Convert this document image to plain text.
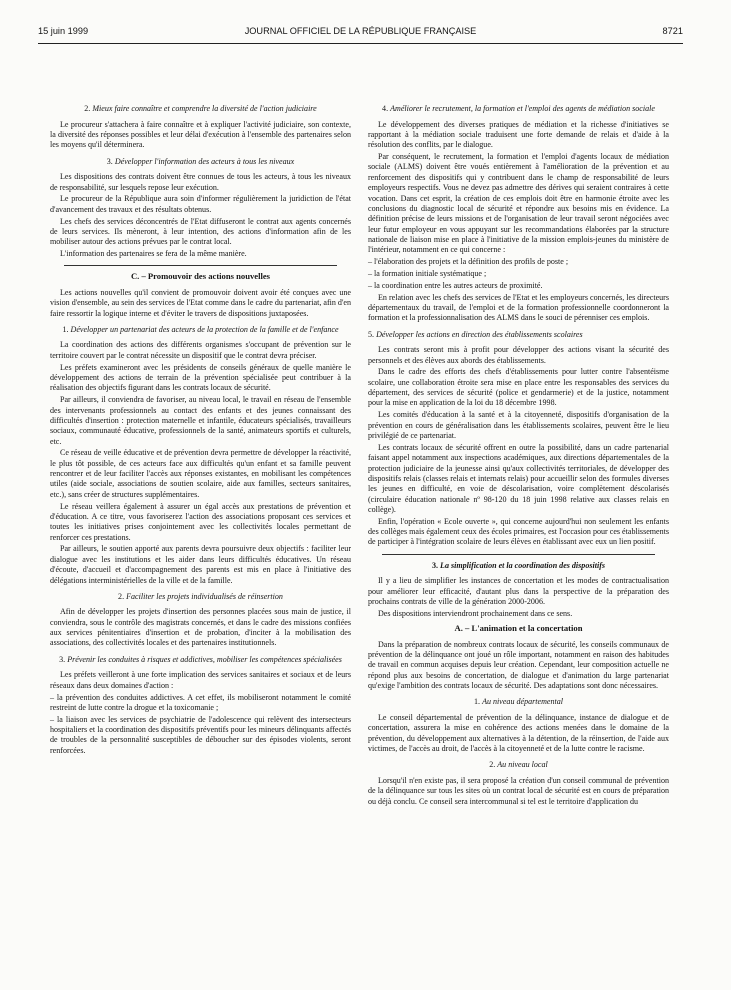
15 juin 1999	JOURNAL OFFICIEL DE LA RÉPUBLIQUE FRANÇAISE	8721
2. Mieux faire connaître et comprendre la diversité de l'action judiciaire

Le procureur s'attachera à faire connaître et à expliquer l'activité judiciaire, son contexte, la diversité des réponses possibles et leur délai d'exécution à l'ensemble des partenaires selon les moyens qu'il déterminera.

3. Développer l'information des acteurs à tous les niveaux

Les dispositions des contrats doivent être connues de tous les acteurs, à tous les niveaux de responsabilité, sur lesquels repose leur exécution.

Le procureur de la République aura soin d'informer régulièrement la juridiction de l'état d'avancement des travaux et des résultats obtenus.

Les chefs des services déconcentrés de l'Etat diffuseront le contrat aux agents concernés de leurs services. Ils mèneront, à leur intention, des actions d'information afin de les mobiliser autour des actions prévues par le contrat local.

L'information des partenaires se fera de la même manière.

C. – Promouvoir des actions nouvelles

Les actions nouvelles qu'il convient de promouvoir doivent avoir été conçues avec une vision d'ensemble, au sein des services de l'Etat comme dans le cadre du partenariat, afin d'en faire ressortir la logique interne et d'éviter le travers de dispositions juxtaposées.

1. Développer un partenariat des acteurs de la protection de la famille et de l'enfance

La coordination des actions des différents organismes s'occupant de prévention sur le territoire couvert par le contrat nécessite un dispositif que le contrat devra préciser.

Les préfets examineront avec les présidents de conseils généraux de quelle manière le développement des actions de terrain de la prévention spécialisée peut contribuer à la réalisation des objectifs figurant dans les contrats locaux de sécurité.

Par ailleurs, il conviendra de favoriser, au niveau local, le travail en réseau de l'ensemble des intervenants professionnels au contact des enfants et des jeunes connaissant des difficultés d'insertion : protection maternelle et infantile, éducateurs spécialisés, travailleurs sociaux, communauté éducative, professionnels de la santé, animateurs sportifs et culturels, etc.

Ce réseau de veille éducative et de prévention devra permettre de développer la réactivité, le plus tôt possible, de ces acteurs face aux difficultés qu'un enfant et sa famille peuvent rencontrer et de leur faciliter l'accès aux réponses existantes, en mobilisant les compétences utiles (aide sociale, associations de soutien scolaire, aide aux familles, secteurs sanitaires, etc.), sans créer de structures supplémentaires.

Le réseau veillera également à assurer un égal accès aux prestations de prévention et d'éducation. A ce titre, vous favoriserez l'action des associations proposant ces services et toutes les initiatives prises conjointement avec les collectivités locales permettant de renforcer ces prestations.

Par ailleurs, le soutien apporté aux parents devra poursuivre deux objectifs : faciliter leur dialogue avec les institutions et les aider dans leurs difficultés éducatives. Un réseau d'écoute, d'accueil et d'accompagnement des parents est mis en place à l'initiative des délégations interministérielles de la ville et de la famille.

2. Faciliter les projets individualisés de réinsertion

Afin de développer les projets d'insertion des personnes placées sous main de justice, il conviendra, sous le contrôle des magistrats concernés, et dans le cadre des missions confiées aux services pénitentiaires d'insertion et de probation, d'inciter à la mobilisation des associations, des collectivités locales et des partenaires institutionnels.

3. Prévenir les conduites à risques et addictives, mobiliser les compétences spécialisées

Les préfets veilleront à une forte implication des services sanitaires et sociaux et de leurs réseaux dans deux domaines d'action :

– la prévention des conduites addictives. A cet effet, ils mobiliseront notamment le comité restreint de lutte contre la drogue et la toxicomanie ;

– la liaison avec les services de psychiatrie de l'adolescence qui relèvent des intersecteurs hospitaliers et la coordination des dispositifs préventifs pour les mineurs délinquants affectés de troubles de la personnalité susceptibles de déboucher sur des épisodes violents, seront renforcées.

4. Améliorer le recrutement, la formation et l'emploi des agents de médiation sociale

Le développement des diverses pratiques de médiation et la richesse d'initiatives se rapportant à la médiation sociale traduisent une forte demande de relais et d'aide à la résolution des conflits, par le dialogue.

Par conséquent, le recrutement, la formation et l'emploi d'agents locaux de médiation sociale (ALMS) doivent être voués entièrement à l'amélioration de la prévention et au renforcement des dispositifs qui y contribuent dans le champ de responsabilité de leurs employeurs respectifs. Vous ne devez pas admettre des dérives qui seraient contraires à cette vocation. Dans cet esprit, la création de ces emplois doit être en harmonie étroite avec les conclusions du diagnostic local de sécurité et répondre aux besoins mis en évidence. La définition précise de leurs missions et de l'organisation de leur travail seront négociées avec leur futur employeur en vous appuyant sur les recommandations élaborées par la structure nationale de liaison mise en place à l'initiative de la mission emplois-jeunes du ministère de l'intérieur, notamment en ce qui concerne :

– l'élaboration des projets et la définition des profils de poste ;

– la formation initiale systématique ;

– la coordination entre les autres acteurs de proximité.

En relation avec les chefs des services de l'Etat et les employeurs concernés, les directeurs départementaux du travail, de l'emploi et de la formation professionnelle coordonneront la formation et la professionnalisation des ALMS dans le souci de pérenniser ces emplois.

5. Développer les actions en direction des établissements scolaires

Les contrats seront mis à profit pour développer des actions visant la sécurité des personnels et des élèves aux abords des établissements.

Dans le cadre des efforts des chefs d'établissements pour lutter contre l'absentéisme scolaire, une collaboration étroite sera mise en place entre les responsables des services du département, des services de sécurité (police et gendarmerie) et de la justice, notamment pour la mise en application de la loi du 18 décembre 1998.

Les comités d'éducation à la santé et à la citoyenneté, dispositifs d'organisation de la prévention en cours de généralisation dans les établissements scolaires, peuvent être le lieu privilégié de ce partenariat.

Les contrats locaux de sécurité offrent en outre la possibilité, dans un cadre partenarial faisant appel notamment aux inspections académiques, aux directions départementales de la protection judiciaire de la jeunesse ainsi qu'aux collectivités territoriales, de développer des dispositifs relais (classes relais et internats relais) pour accueillir selon des formules diverses les jeunes en difficulté, en voie de déscolarisation, voire complètement déscolarisés (circulaire éducation nationale nº 98-120 du 18 juin 1998 relative aux classes relais en collège).

Enfin, l'opération « Ecole ouverte », qui concerne aujourd'hui non seulement les enfants des collèges mais également ceux des écoles primaires, est l'occasion pour ces établissements de participer à l'intégration scolaire de leurs élèves en établissant avec eux un lien positif.

3. La simplification et la coordination des dispositifs

Il y a lieu de simplifier les instances de concertation et les modes de contractualisation pour améliorer leur efficacité, d'autant plus dans la perspective de la préparation des prochains contrats de ville de la génération 2000-2006.

Des dispositions interviendront prochainement dans ce sens.

A. – L'animation et la concertation

Dans la préparation de nombreux contrats locaux de sécurité, les conseils communaux de prévention de la délinquance ont joué un rôle important, notamment en raison des habitudes de travail en commun acquises depuis leur création. Cependant, leur composition actuelle ne répond plus aux besoins de concertation, de dialogue et d'animation du large partenariat qu'exige l'ambition des contrats locaux de sécurité. Des adaptations sont donc nécessaires.

1. Au niveau départemental

Le conseil départemental de prévention de la délinquance, instance de dialogue et de concertation, assurera la mise en cohérence des actions menées dans le domaine de la prévention, du développement aux alternatives à la détention, de la réinsertion, de l'aide aux victimes, de l'accès au droit, de l'accès à la citoyenneté et de la lutte contre le racisme.

2. Au niveau local

Lorsqu'il n'en existe pas, il sera proposé la création d'un conseil communal de prévention de la délinquance sur tous les sites où un contrat local de sécurité est en cours de préparation ou déjà conclu. Ce conseil sera intercommunal si tel est le territoire d'application du
